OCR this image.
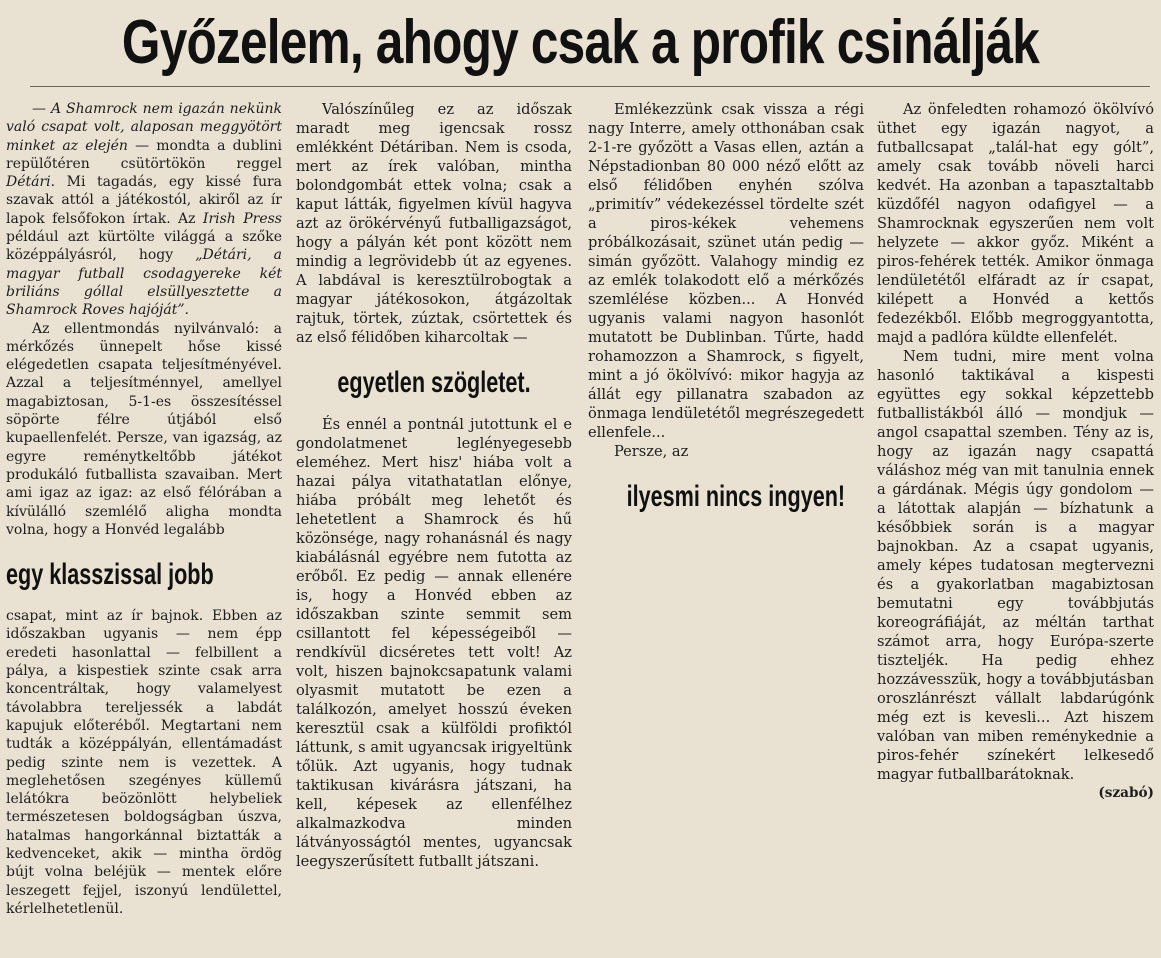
Győzelem, ahogy csak a profik csinálják

— A Shamrock nem igazán nekünk való csapat volt, alaposan meggyötört minket az elején — mondta a dublini repülőtéren csütörtökön reggel Détári. Mi tagadás, egy kissé fura szavak attól a játékostól, akiről az ír lapok felsőfokon írtak. Az Irish Press például azt kürtölte világgá a szőke középpályásról, hogy „Détári, a magyar futball csodagyereke két briliáns góllal elsüllyesztette a Shamrock Roves hajóját”.

Az ellentmondás nyilvánvaló: a mérkőzés ünnepelt hőse kissé elégedetlen csapata teljesítményével. Azzal a teljesítménnyel, amellyel magabiztosan, 5-1-es összesítéssel söpörte félre útjából első kupaellenfelét. Persze, van igazság, az egyre reménytkeltőbb játékot produkáló futballista szavaiban. Mert ami igaz az igaz: az első félórában a kívülálló szemlélő aligha mondta volna, hogy a Honvéd legalább

egy klasszissal jobb

csapat, mint az ír bajnok. Ebben az időszakban ugyanis — nem épp eredeti hasonlattal — felbillent a pálya, a kispestiek szinte csak arra koncentráltak, hogy valamelyest távolabbra tereljessék a labdát kapujuk előteréből. Megtartani nem tudták a középpályán, ellentámadást pedig szinte nem is vezettek. A meglehetősen szegényes küllemű lelátókra beözönlött helybeliek természetesen boldogságban úszva, hatalmas hangorkánnal biztatták a kedvenceket, akik — mintha ördög bújt volna beléjük — mentek előre leszegett fejjel, iszonyú lendülettel, kérlelhetetlenül.

Valószínűleg ez az időszak maradt meg igencsak rossz emlékként Détáriban. Nem is csoda, mert az írek valóban, mintha bolondgombát ettek volna; csak a kaput látták, figyelmen kívül hagyva azt az örökérvényű futballigazságot, hogy a pályán két pont között nem mindig a legrövidebb út az egyenes. A labdával is keresztülrobogtak a magyar játékosokon, átgázoltak rajtuk, törtek, zúztak, csörtettek és az első félidőben kiharcoltak —

egyetlen szögletet.

És ennél a pontnál jutottunk el e gondolatmenet leglényegesebb eleméhez. Mert hisz' hiába volt a hazai pálya vitathatatlan előnye, hiába próbált meg lehetőt és lehetetlent a Shamrock és hű közönsége, nagy rohanásnál és nagy kiabálásnál egyébre nem futotta az erőből. Ez pedig — annak ellenére is, hogy a Honvéd ebben az időszakban szinte semmit sem csillantott fel képességeiből — rendkívül dicséretes tett volt! Az volt, hiszen bajnokcsapatunk valami olyasmit mutatott be ezen a találkozón, amelyet hosszú éveken keresztül csak a külföldi profiktól láttunk, s amit ugyancsak irigyeltünk tőlük. Azt ugyanis, hogy tudnak taktikusan kivárásra játszani, ha kell, képesek az ellenfélhez alkalmazkodva minden látványosságtól mentes, ugyancsak leegyszerűsített futballt játszani.

Emlékezzünk csak vissza a régi nagy Interre, amely otthonában csak 2-1-re győzött a Vasas ellen, aztán a Népstadionban 80 000 néző előtt az első félidőben enyhén szólva „primitív” védekezéssel tördelte szét a piros-kékek vehemens próbálkozásait, szünet után pedig — simán győzött. Valahogy mindig ez az emlék tolakodott elő a mérkőzés szemlélése közben... A Honvéd ugyanis valami nagyon hasonlót mutatott be Dublinban. Tűrte, hadd rohamozzon a Shamrock, s figyelt, mint a jó ökölvívó: mikor hagyja az állát egy pillanatra szabadon az önmaga lendületétől megrészegedett ellenfele...

Persze, az

ilyesmi nincs ingyen!

Az önfeledten rohamozó ökölvívó üthet egy igazán nagyot, a futballcsapat „talál-hat egy gólt”, amely csak tovább növeli harci kedvét. Ha azonban a tapasztaltabb küzdőfél nagyon odafigyel — a Shamrocknak egyszerűen nem volt helyzete — akkor győz. Miként a piros-fehérek tették. Amikor önmaga lendületétől elfáradt az ír csapat, kilépett a Honvéd a kettős fedezékből. Előbb megroggyantotta, majd a padlóra küldte ellenfelét.

Nem tudni, mire ment volna hasonló taktikával a kispesti együttes egy sokkal képzettebb futballistákból álló — mondjuk — angol csapattal szemben. Tény az is, hogy az igazán nagy csapattá váláshoz még van mit tanulnia ennek a gárdának. Mégis úgy gondolom — a látottak alapján — bízhatunk a későbbiek során is a magyar bajnokban. Az a csapat ugyanis, amely képes tudatosan megtervezni és a gyakorlatban magabiztosan bemutatni egy továbbjutás koreográfiáját, az méltán tarthat számot arra, hogy Európa-szerte tiszteljék. Ha pedig ehhez hozzávesszük, hogy a továbbjutásban oroszlánrészt vállalt labdarúgónk még ezt is kevesli... Azt hiszem valóban van miben reménykednie a piros-fehér színekért lelkesedő magyar futballbarátoknak.

(szabó)
